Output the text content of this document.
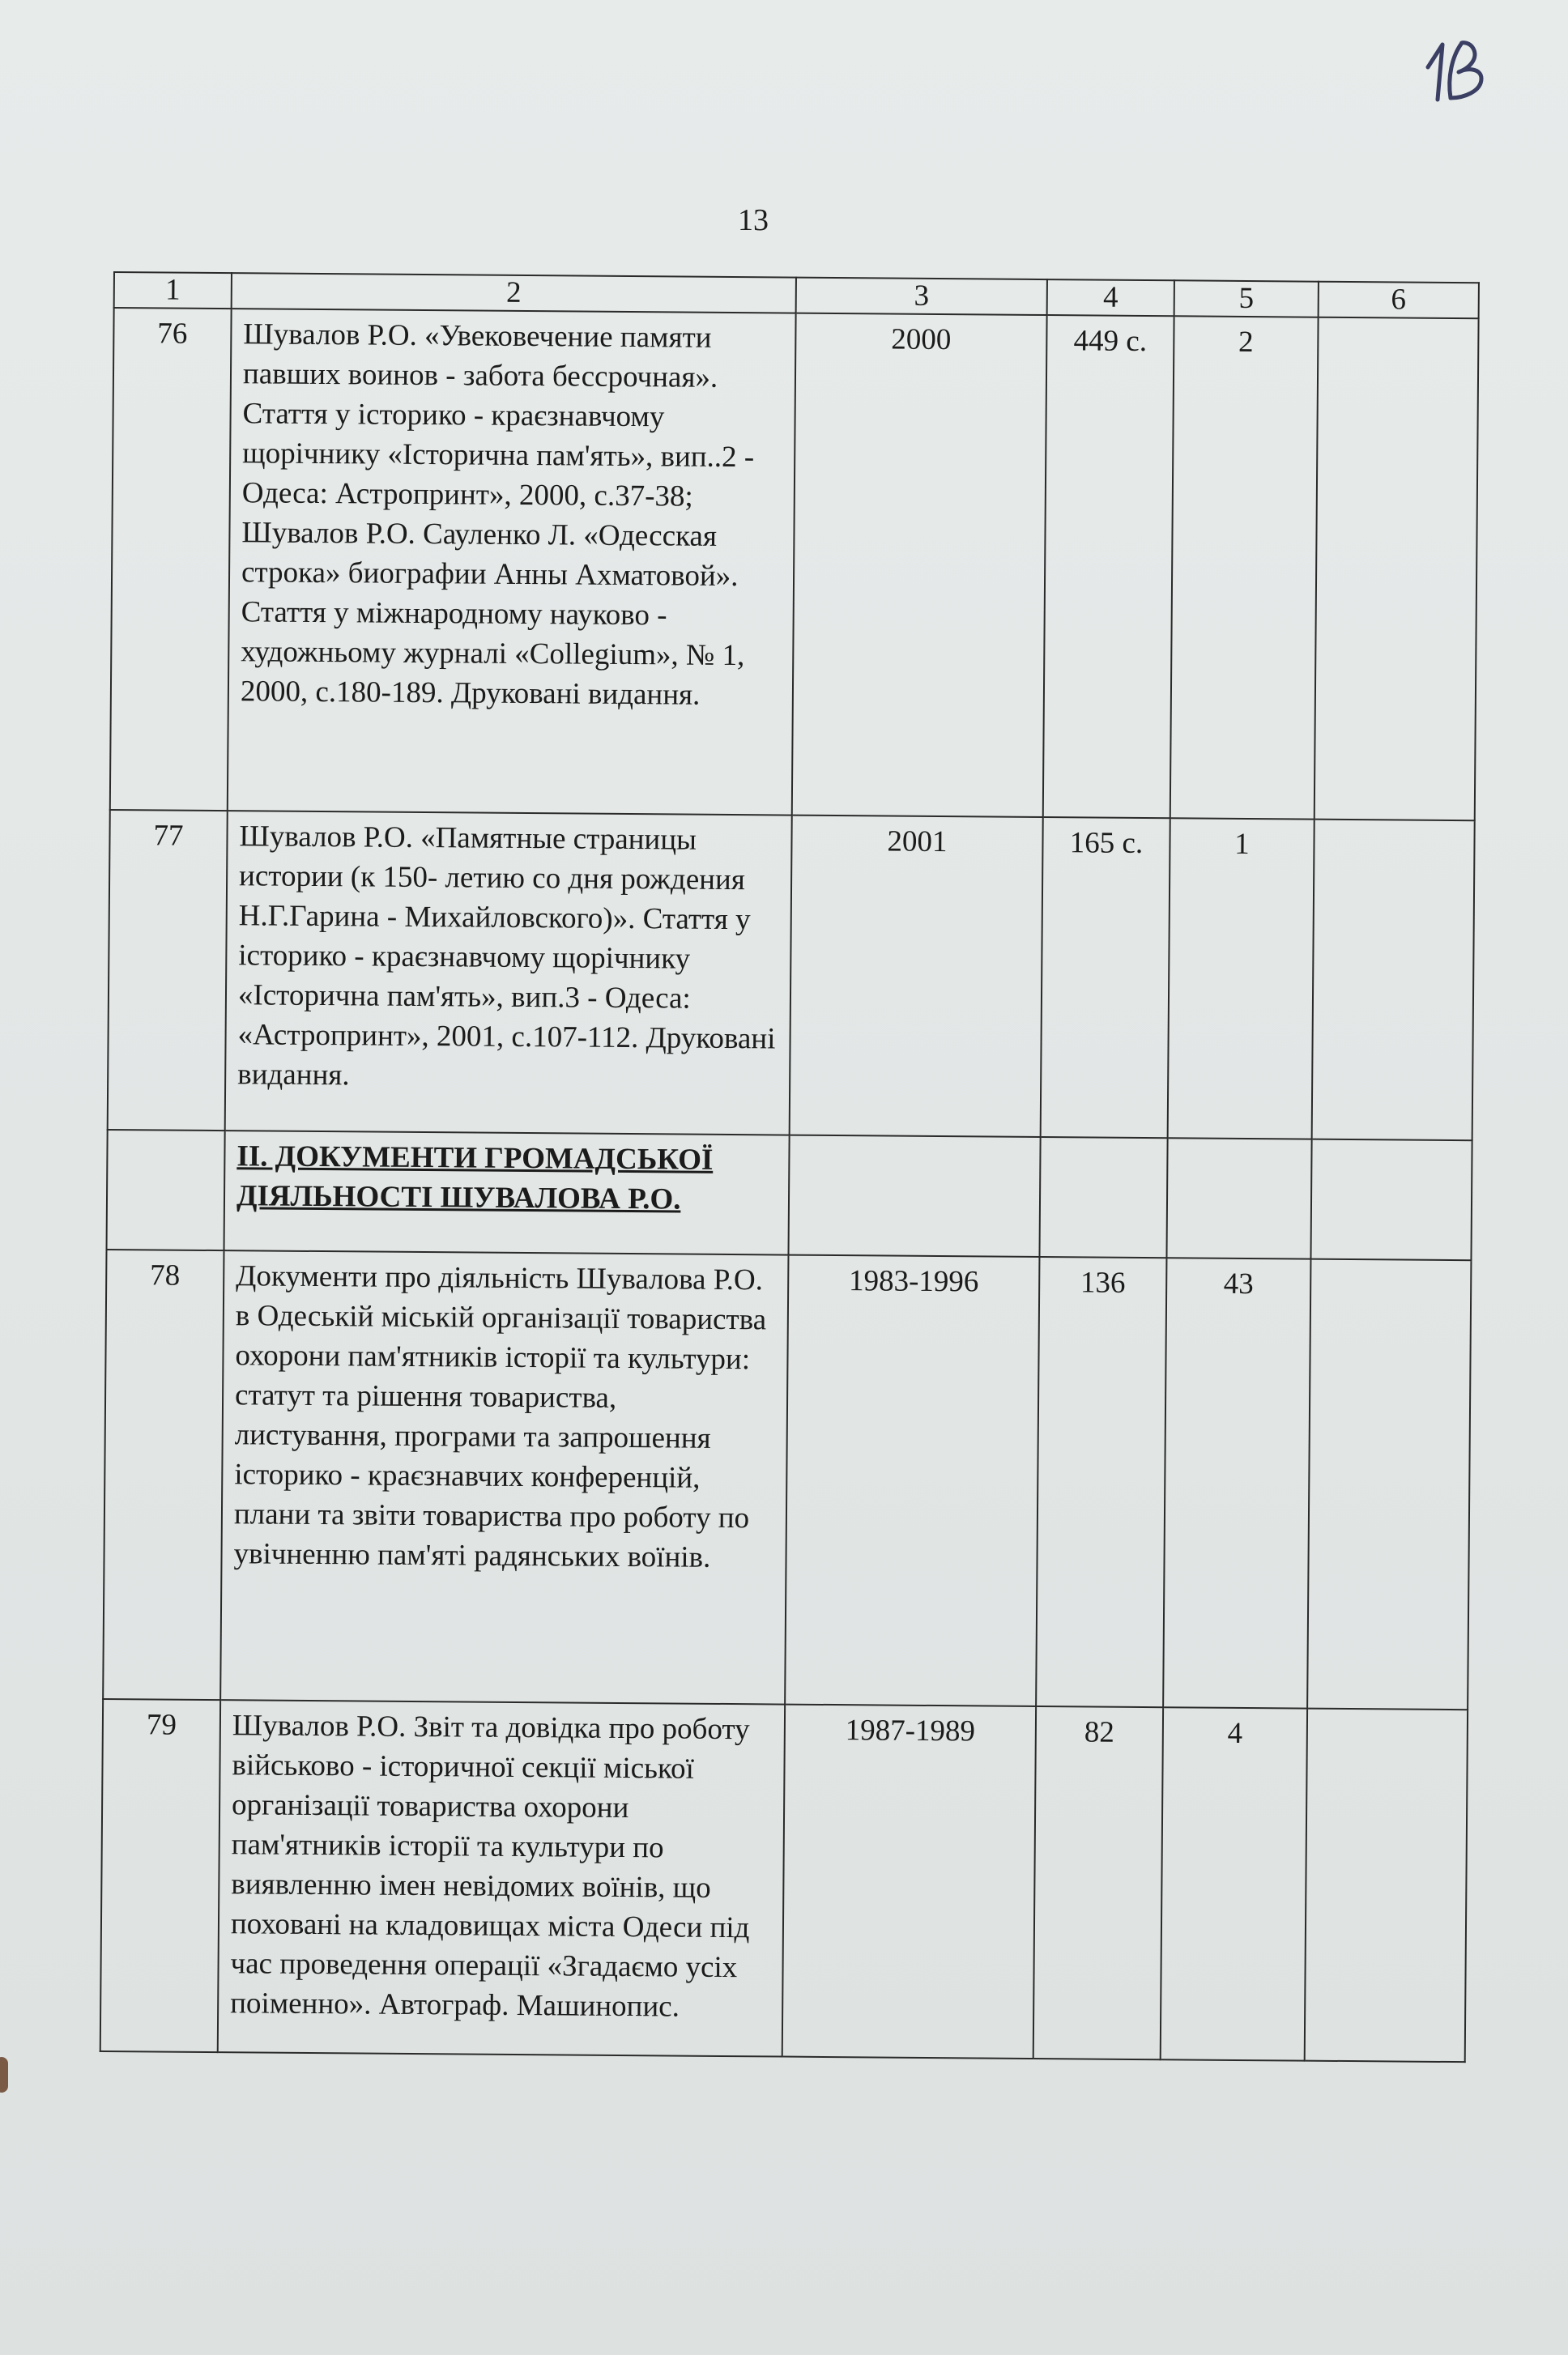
13
1	2	3	4	5	6
76	Шувалов Р.О. «Увековечение памяти павших воинов - забота бессрочная». Стаття у історико - краєзнавчому щорічнику «Історична пам'ять», вип..2 - Одеса: Астропринт», 2000, с.37-38; Шувалов Р.О. Сауленко Л. «Одесская строка» биографии Анны Ахматовой». Стаття у міжнародному науково - художньому журналі «Collegium», № 1, 2000, с.180-189. Друковані видання.	2000	449 с.	2	
77	Шувалов Р.О. «Памятные страницы истории (к 150- летию со дня рождения Н.Г.Гарина - Михайловского)». Стаття у історико - краєзнавчому щорічнику «Історична пам'ять», вип.3 - Одеса: «Астропринт», 2001, с.107-112. Друковані видання.	2001	165 с.	1	
	ІІ. ДОКУМЕНТИ ГРОМАДСЬКОЇ ДІЯЛЬНОСТІ ШУВАЛОВА Р.О.				
78	Документи про діяльність Шувалова Р.О. в Одеській міській організації товариства охорони пам'ятників історії та культури: статут та рішення товариства, листування, програми та запрошення історико - краєзнавчих конференцій, плани та звіти товариства про роботу по увічненню пам'яті радянських воїнів.	1983-1996	136	43	
79	Шувалов Р.О. Звіт та довідка про роботу військово - історичної секції міської організації товариства охорони пам'ятників історії та культури по виявленню імен невідомих воїнів, що поховані на кладовищах міста Одеси під час проведення операції «Згадаємо усіх поіменно». Автограф. Машинопис.	1987-1989	82	4	
